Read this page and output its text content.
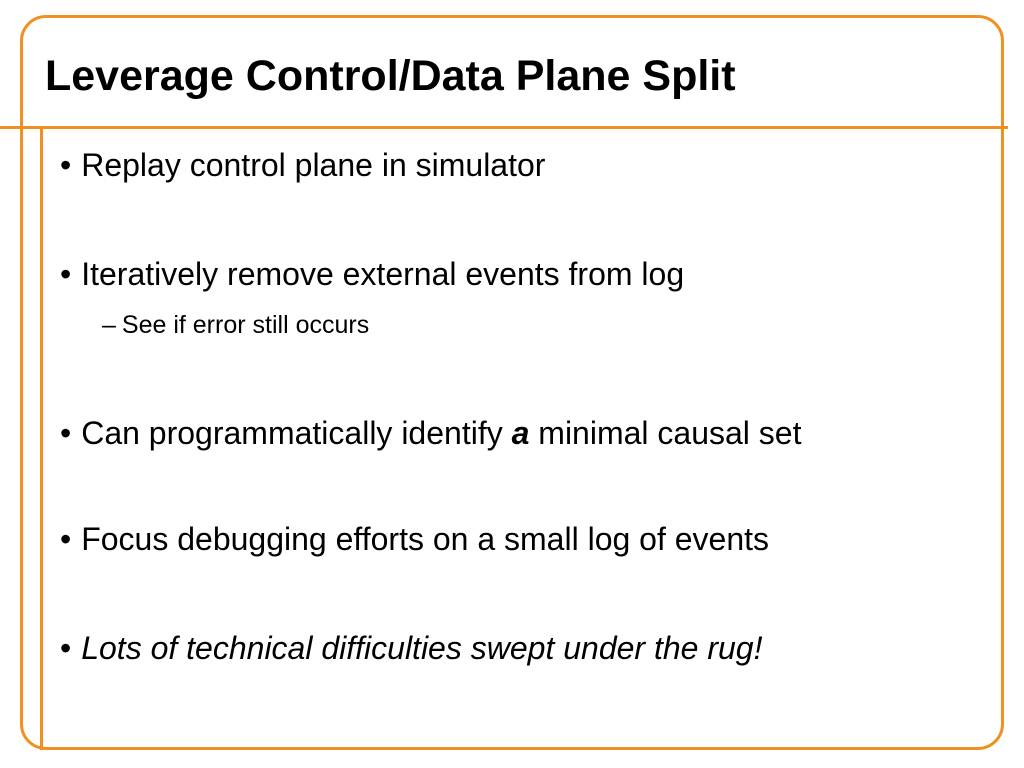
Leverage Control/Data Plane Split

• Replay control plane in simulator

• Iteratively remove external events from log

– See if error still occurs

• Can programmatically identify a minimal causal set

• Focus debugging efforts on a small log of events

• Lots of technical difficulties swept under the rug!
